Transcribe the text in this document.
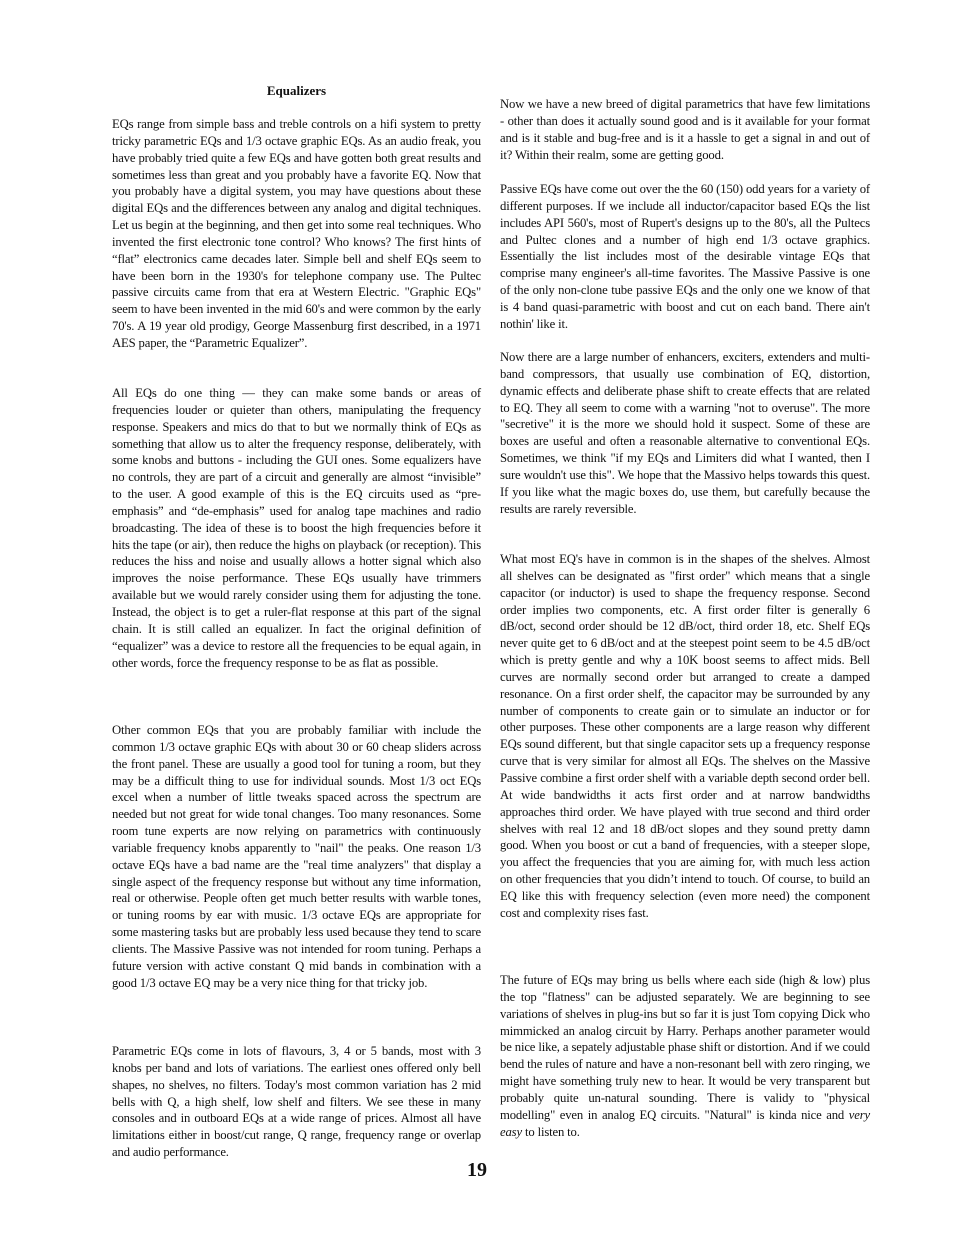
Equalizers

EQs range from simple bass and treble controls on a hifi system to pretty tricky parametric EQs and 1/3 octave graphic EQs. As an audio freak, you have probably tried quite a few EQs and have gotten both great results and sometimes less than great and you probably have a favorite EQ. Now that you probably have a digital system, you may have questions about these digital EQs and the differences between any analog and digital techniques. Let us begin at the beginning, and then get into some real techniques. Who invented the first electronic tone control? Who knows? The first hints of “flat” electronics came decades later. Simple bell and shelf EQs seem to have been born in the 1930's for telephone company use. The Pultec passive circuits came from that era at Western Electric. "Graphic EQs" seem to have been invented in the mid 60's and were common by the early 70's. A 19 year old prodigy, George Massenburg first described, in a 1971 AES paper, the “Parametric Equalizer”.

All EQs do one thing — they can make some bands or areas of frequencies louder or quieter than others, manipulating the frequency response. Speakers and mics do that to but we normally think of EQs as something that allow us to alter the frequency response, deliberately, with some knobs and buttons - including the GUI ones. Some equalizers have no controls, they are part of a circuit and generally are almost “invisible” to the user. A good example of this is the EQ circuits used as “pre-emphasis” and “de-emphasis” used for analog tape machines and radio broadcasting. The idea of these is to boost the high frequencies before it hits the tape (or air), then reduce the highs on playback (or reception). This reduces the hiss and noise and usually allows a hotter signal which also improves the noise performance. These EQs usually have trimmers available but we would rarely consider using them for adjusting the tone. Instead, the object is to get a ruler-flat response at this part of the signal chain. It is still called an equalizer. In fact the original definition of “equalizer” was a device to restore all the frequencies to be equal again, in other words, force the frequency response to be as flat as possible.

Other common EQs that you are probably familiar with include the common 1/3 octave graphic EQs with about 30 or 60 cheap sliders across the front panel. These are usually a good tool for tuning a room, but they may be a difficult thing to use for individual sounds. Most 1/3 oct EQs excel when a number of little tweaks spaced across the spectrum are needed but not great for wide tonal changes. Too many resonances. Some room tune experts are now relying on parametrics with continuously variable frequency knobs apparently to "nail" the peaks. One reason 1/3 octave EQs have a bad name are the "real time analyzers" that display a single aspect of the frequency response but without any time information, real or otherwise. People often get much better results with warble tones, or tuning rooms by ear with music. 1/3 octave EQs are appropriate for some mastering tasks but are probably less used because they tend to scare clients. The Massive Passive was not intended for room tuning. Perhaps a future version with active constant Q mid bands in combination with a good 1/3 octave EQ may be a very nice thing for that tricky job.

Parametric EQs come in lots of flavours, 3, 4 or 5 bands, most with 3 knobs per band and lots of variations. The earliest ones offered only bell shapes, no shelves, no filters. Today's most common variation has 2 mid bells with Q, a high shelf, low shelf and filters. We see these in many consoles and in outboard EQs at a wide range of prices. Almost all have limitations either in boost/cut range, Q range, frequency range or overlap and audio performance.

Now we have a new breed of digital parametrics that have few limitations - other than does it actually sound good and is it available for your format and is it stable and bug-free and is it a hassle to get a signal in and out of it? Within their realm, some are getting good.

Passive EQs have come out over the the 60 (150) odd years for a variety of different purposes. If we include all inductor/capacitor based EQs the list includes API 560's, most of Rupert's designs up to the 80's, all the Pultecs and Pultec clones and a number of high end 1/3 octave graphics. Essentially the list includes most of the desirable vintage EQs that comprise many engineer's all-time favorites. The Massive Passive is one of the only non-clone tube passive EQs and the only one we know of that is 4 band quasi-parametric with boost and cut on each band. There ain't nothin' like it.

Now there are a large number of enhancers, exciters, extenders and multi-band compressors, that usually use combination of EQ, distortion, dynamic effects and deliberate phase shift to create effects that are related to EQ. They all seem to come with a warning "not to overuse". The more "secretive" it is the more we should hold it suspect. Some of these are boxes are useful and often a reasonable alternative to conventional EQs. Sometimes, we think "if my EQs and Limiters did what I wanted, then I sure wouldn't use this". We hope that the Massivo helps towards this quest. If you like what the magic boxes do, use them, but carefully because the results are rarely reversible.

What most EQ's have in common is in the shapes of the shelves. Almost all shelves can be designated as "first order" which means that a single capacitor (or inductor) is used to shape the frequency response. Second order implies two components, etc. A first order filter is generally 6 dB/oct, second order should be 12 dB/oct, third order 18, etc. Shelf EQs never quite get to 6 dB/oct and at the steepest point seem to be 4.5 dB/oct which is pretty gentle and why a 10K boost seems to affect mids. Bell curves are normally second order but arranged to create a damped resonance. On a first order shelf, the capacitor may be surrounded by any number of components to create gain or to simulate an inductor or for other purposes. These other components are a large reason why different EQs sound different, but that single capacitor sets up a frequency response curve that is very similar for almost all EQs. The shelves on the Massive Passive combine a first order shelf with a variable depth second order bell. At wide bandwidths it acts first order and at narrow bandwidths approaches third order. We have played with true second and third order shelves with real 12 and 18 dB/oct slopes and they sound pretty damn good. When you boost or cut a band of frequencies, with a steeper slope, you affect the frequencies that you are aiming for, with much less action on other frequencies that you didn’t intend to touch. Of course, to build an EQ like this with frequency selection (even more need) the component cost and complexity rises fast.

The future of EQs may bring us bells where each side (high & low) plus the top "flatness" can be adjusted separately. We are beginning to see variations of shelves in plug-ins but so far it is just Tom copying Dick who mimmicked an analog circuit by Harry. Perhaps another parameter would be nice like, a sepately adjustable phase shift or distortion. And if we could bend the rules of nature and have a non-resonant bell with zero ringing, we might have something truly new to hear. It would be very transparent but probably quite un-natural sounding. There is validy to "physical modelling" even in analog EQ circuits. "Natural" is kinda nice and very easy to listen to.

19
